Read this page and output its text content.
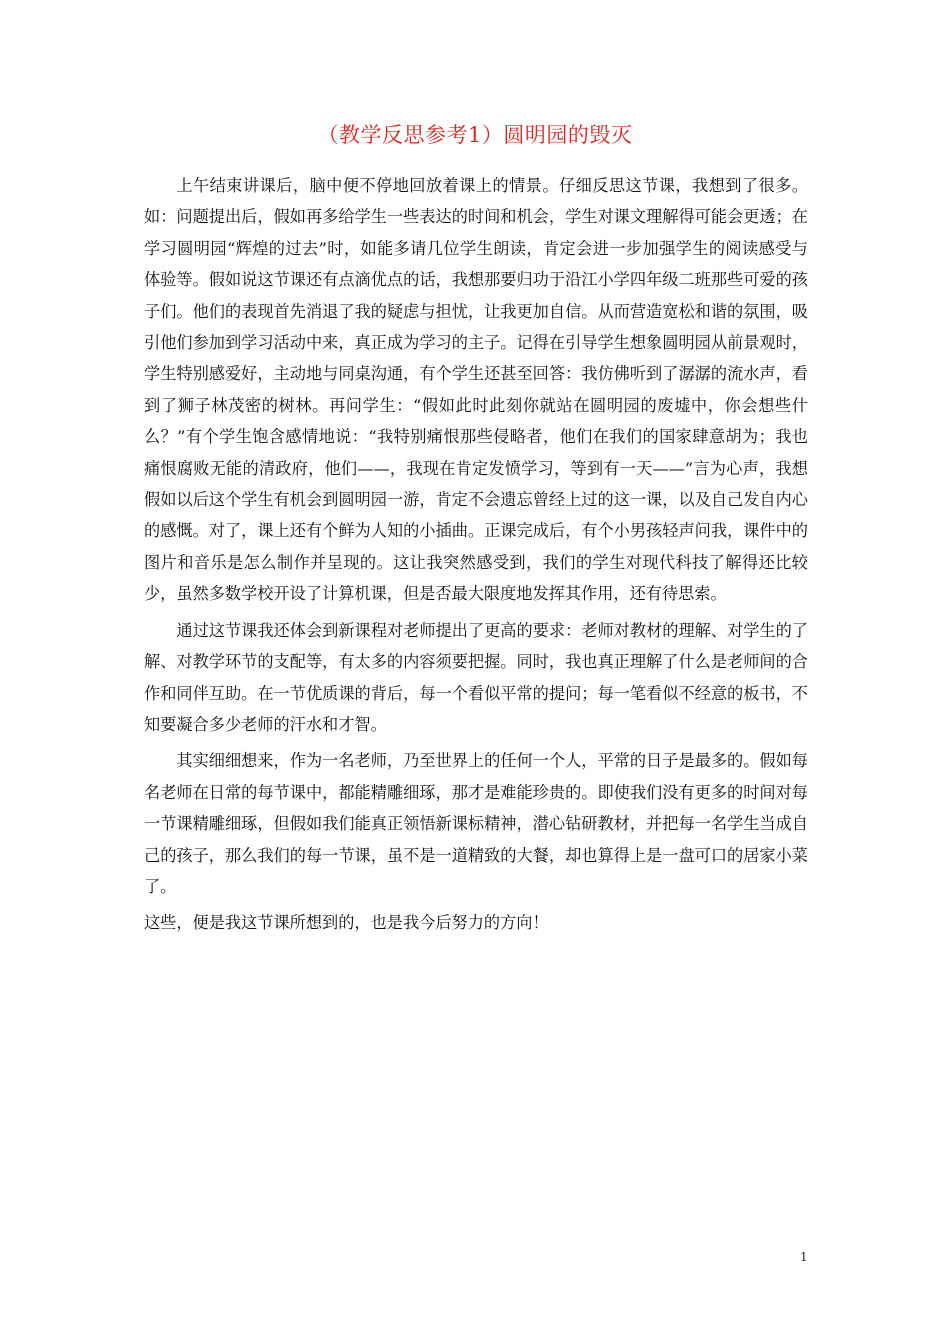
（教学反思参考1）圆明园的毁灭

上午结束讲课后，脑中便不停地回放着课上的情景。仔细反思这节课，我想到了很多。如：问题提出后，假如再多给学生一些表达的时间和机会，学生对课文理解得可能会更透；在学习圆明园“辉煌的过去”时，如能多请几位学生朗读，肯定会进一步加强学生的阅读感受与体验等。假如说这节课还有点滴优点的话，我想那要归功于沿江小学四年级二班那些可爱的孩子们。他们的表现首先消退了我的疑虑与担忧，让我更加自信。从而营造宽松和谐的氛围，吸引他们参加到学习活动中来，真正成为学习的主子。记得在引导学生想象圆明园从前景观时，学生特别感爱好，主动地与同桌沟通，有个学生还甚至回答：我仿佛听到了潺潺的流水声，看到了狮子林茂密的树林。再问学生：“假如此时此刻你就站在圆明园的废墟中，你会想些什么？”有个学生饱含感情地说：“我特别痛恨那些侵略者，他们在我们的国家肆意胡为；我也痛恨腐败无能的清政府，他们——，我现在肯定发愤学习，等到有一天——”言为心声，我想假如以后这个学生有机会到圆明园一游，肯定不会遗忘曾经上过的这一课，以及自己发自内心的感慨。对了，课上还有个鲜为人知的小插曲。正课完成后，有个小男孩轻声问我，课件中的图片和音乐是怎么制作并呈现的。这让我突然感受到，我们的学生对现代科技了解得还比较少，虽然多数学校开设了计算机课，但是否最大限度地发挥其作用，还有待思索。

通过这节课我还体会到新课程对老师提出了更高的要求：老师对教材的理解、对学生的了解、对教学环节的支配等，有太多的内容须要把握。同时，我也真正理解了什么是老师间的合作和同伴互助。在一节优质课的背后，每一个看似平常的提问；每一笔看似不经意的板书，不知要凝合多少老师的汗水和才智。

其实细细想来，作为一名老师，乃至世界上的任何一个人，平常的日子是最多的。假如每名老师在日常的每节课中，都能精雕细琢，那才是难能珍贵的。即使我们没有更多的时间对每一节课精雕细琢，但假如我们能真正领悟新课标精神，潜心钻研教材，并把每一名学生当成自己的孩子，那么我们的每一节课，虽不是一道精致的大餐，却也算得上是一盘可口的居家小菜了。

这些，便是我这节课所想到的，也是我今后努力的方向！

1
